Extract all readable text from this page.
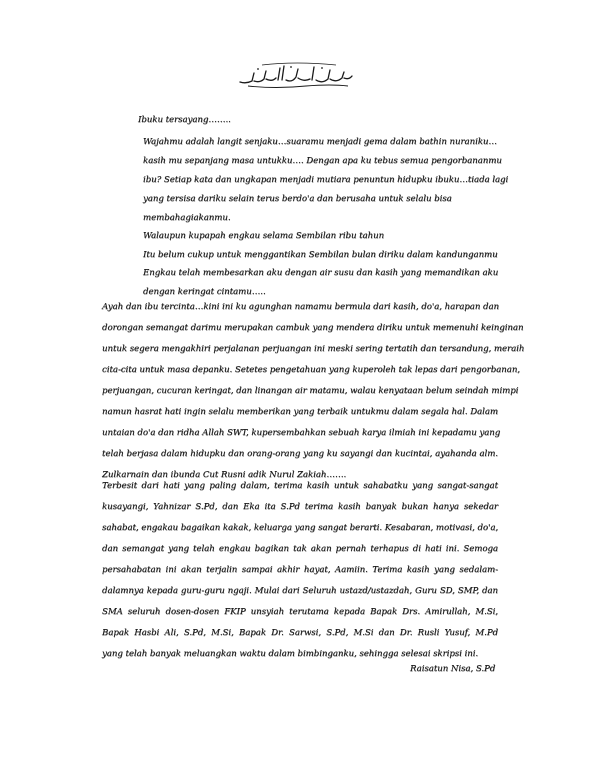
Ibuku tersayang……..
Wajahmu adalah langit senjaku…suaramu menjadi gema dalam bathin nuraniku…
kasih mu sepanjang masa untukku…. Dengan apa ku tebus semua pengorbananmu
ibu? Setiap kata dan ungkapan menjadi mutiara penuntun hidupku ibuku…tiada lagi
yang tersisa dariku selain terus berdo'a dan berusaha untuk selalu bisa
membahagiakanmu.
Walaupun kupapah engkau selama Sembilan ribu tahun
Itu belum cukup untuk menggantikan Sembilan bulan diriku dalam kandunganmu
Engkau telah membesarkan aku dengan air susu dan kasih yang memandikan aku
dengan keringat cintamu…..
Ayah dan ibu tercinta…kini ini ku agunghan namamu bermula dari kasih, do'a, harapan dan
dorongan semangat darimu merupakan cambuk yang mendera diriku untuk memenuhi keinginan
untuk segera mengakhiri perjalanan perjuangan ini meski sering tertatih dan tersandung, meraih
cita-cita untuk masa depanku. Setetes pengetahuan yang kuperoleh tak lepas dari pengorbanan,
perjuangan, cucuran keringat, dan linangan air matamu, walau kenyataan belum seindah mimpi
namun hasrat hati ingin selalu memberikan yang terbaik untukmu dalam segala hal. Dalam
untaian do'a dan ridha Allah SWT, kupersembahkan sebuah karya ilmiah ini kepadamu yang
telah berjasa dalam hidupku dan orang-orang yang ku sayangi dan kucintai, ayahanda alm.
Zulkarnain dan ibunda Cut Rusni adik Nurul Zakiah…….
Terbesit dari hati yang paling dalam, terima kasih untuk sahabatku yang sangat-sangat
kusayangi, Yahnizar S.Pd, dan Eka ita S.Pd terima kasih banyak bukan hanya sekedar
sahabat, engakau bagaikan kakak, keluarga yang sangat berarti. Kesabaran, motivasi, do'a,
dan semangat yang telah engkau bagikan tak akan pernah terhapus di hati ini. Semoga
persahabatan ini akan terjalin sampai akhir hayat, Aamiin. Terima kasih yang sedalam-
dalamnya kepada guru-guru ngaji. Mulai dari Seluruh ustazd/ustazdah, Guru SD, SMP, dan
SMA seluruh dosen-dosen FKIP unsyiah terutama kepada Bapak Drs. Amirullah, M.Si,
Bapak Hasbi Ali, S.Pd, M.Si, Bapak Dr. Sarwsi, S.Pd, M.Si dan Dr. Rusli Yusuf, M.Pd
yang telah banyak meluangkan waktu dalam bimbinganku, sehingga selesai skripsi ini.
Raisatun Nisa, S.Pd
